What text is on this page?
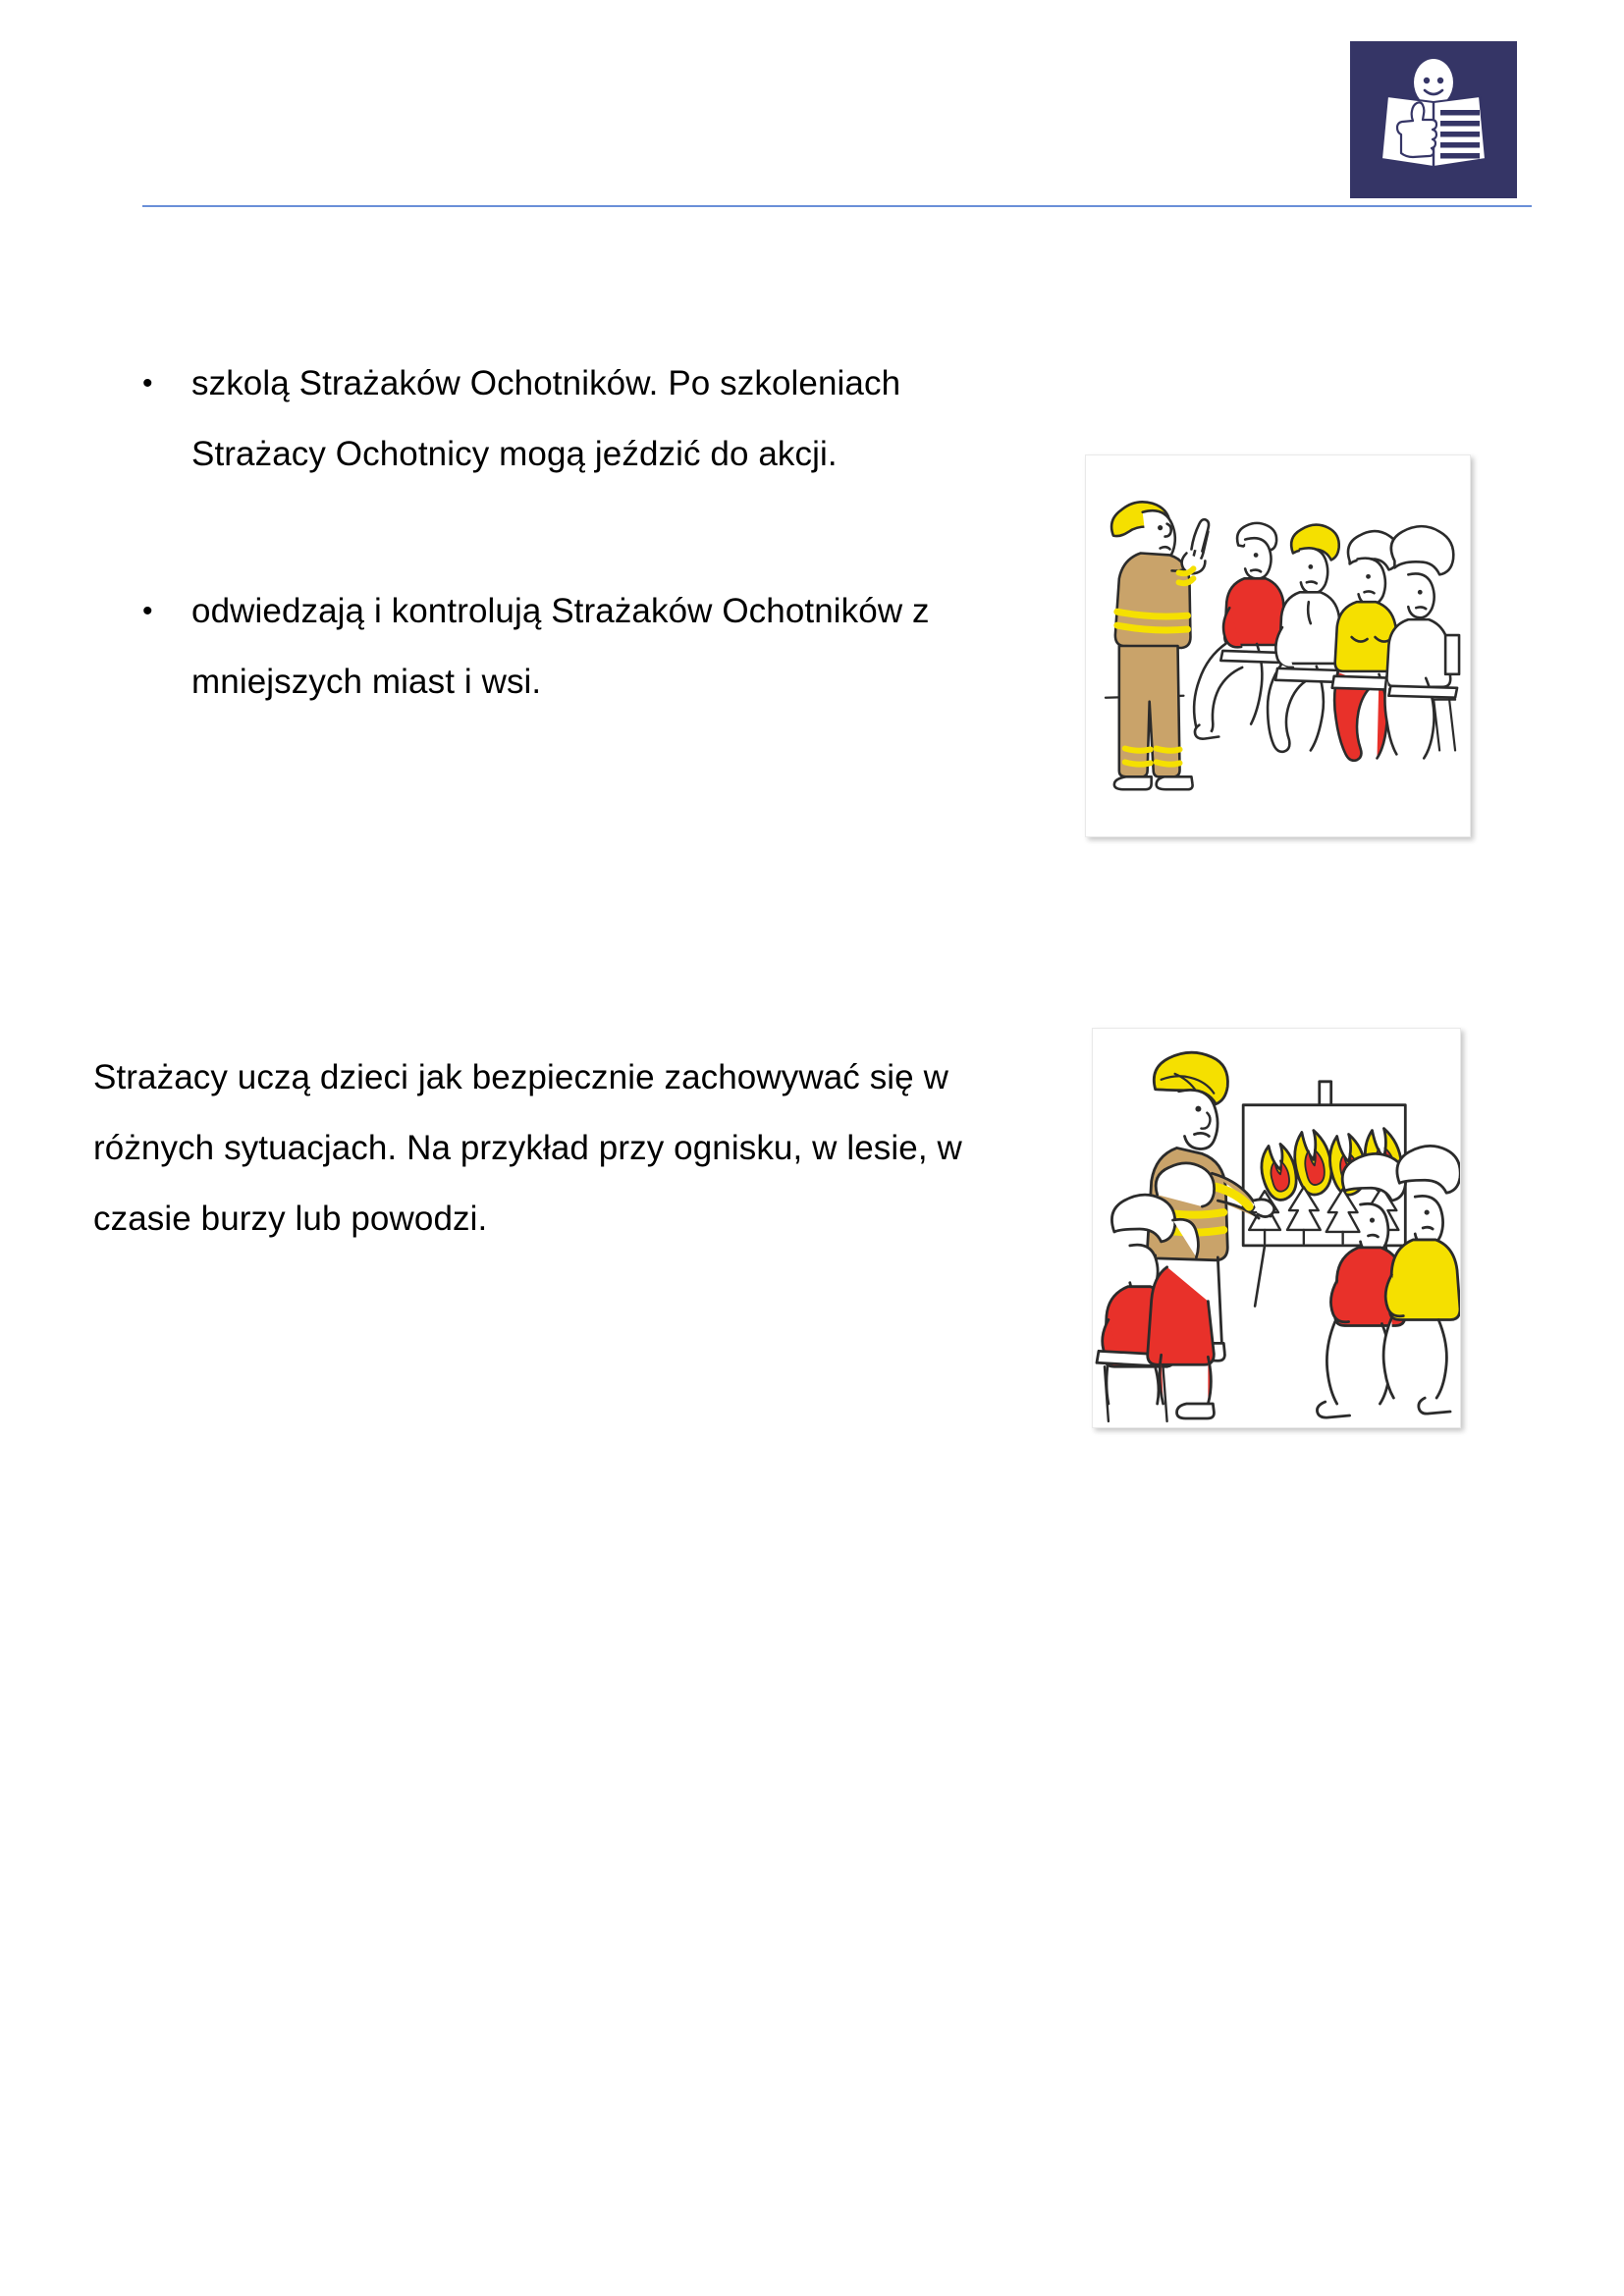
• szkolą Strażaków Ochotników. Po szkoleniach Strażacy Ochotnicy mogą jeździć do akcji.
• odwiedzają i kontrolują Strażaków Ochotników z mniejszych miast i wsi.

Strażacy uczą dzieci jak bezpiecznie zachowywać się w różnych sytuacjach. Na przykład przy ognisku, w lesie, w czasie burzy lub powodzi.
